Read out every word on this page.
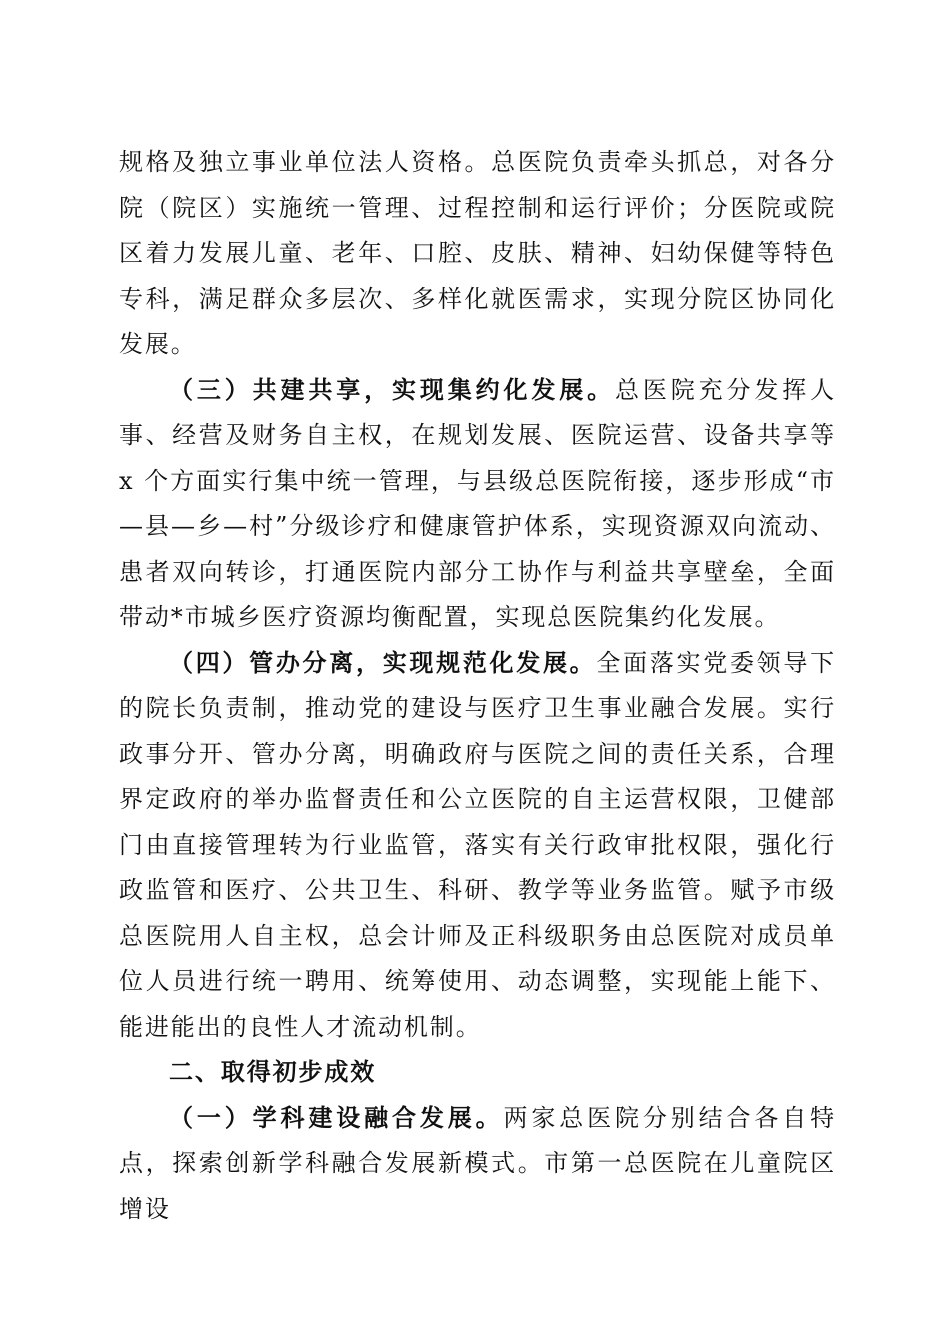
规格及独立事业单位法人资格。总医院负责牵头抓总，对各分院（院区）实施统一管理、过程控制和运行评价；分医院或院区着力发展儿童、老年、口腔、皮肤、精神、妇幼保健等特色专科，满足群众多层次、多样化就医需求，实现分院区协同化发展。

（三）共建共享，实现集约化发展。总医院充分发挥人事、经营及财务自主权，在规划发展、医院运营、设备共享等 x 个方面实行集中统一管理，与县级总医院衔接，逐步形成“市—县—乡—村”分级诊疗和健康管护体系，实现资源双向流动、患者双向转诊，打通医院内部分工协作与利益共享壁垒，全面带动*市城乡医疗资源均衡配置，实现总医院集约化发展。

（四）管办分离，实现规范化发展。全面落实党委领导下的院长负责制，推动党的建设与医疗卫生事业融合发展。实行政事分开、管办分离，明确政府与医院之间的责任关系，合理界定政府的举办监督责任和公立医院的自主运营权限，卫健部门由直接管理转为行业监管，落实有关行政审批权限，强化行政监管和医疗、公共卫生、科研、教学等业务监管。赋予市级总医院用人自主权，总会计师及正科级职务由总医院对成员单位人员进行统一聘用、统筹使用、动态调整，实现能上能下、能进能出的良性人才流动机制。

二、取得初步成效

（一）学科建设融合发展。两家总医院分别结合各自特点，探索创新学科融合发展新模式。市第一总医院在儿童院区增设
